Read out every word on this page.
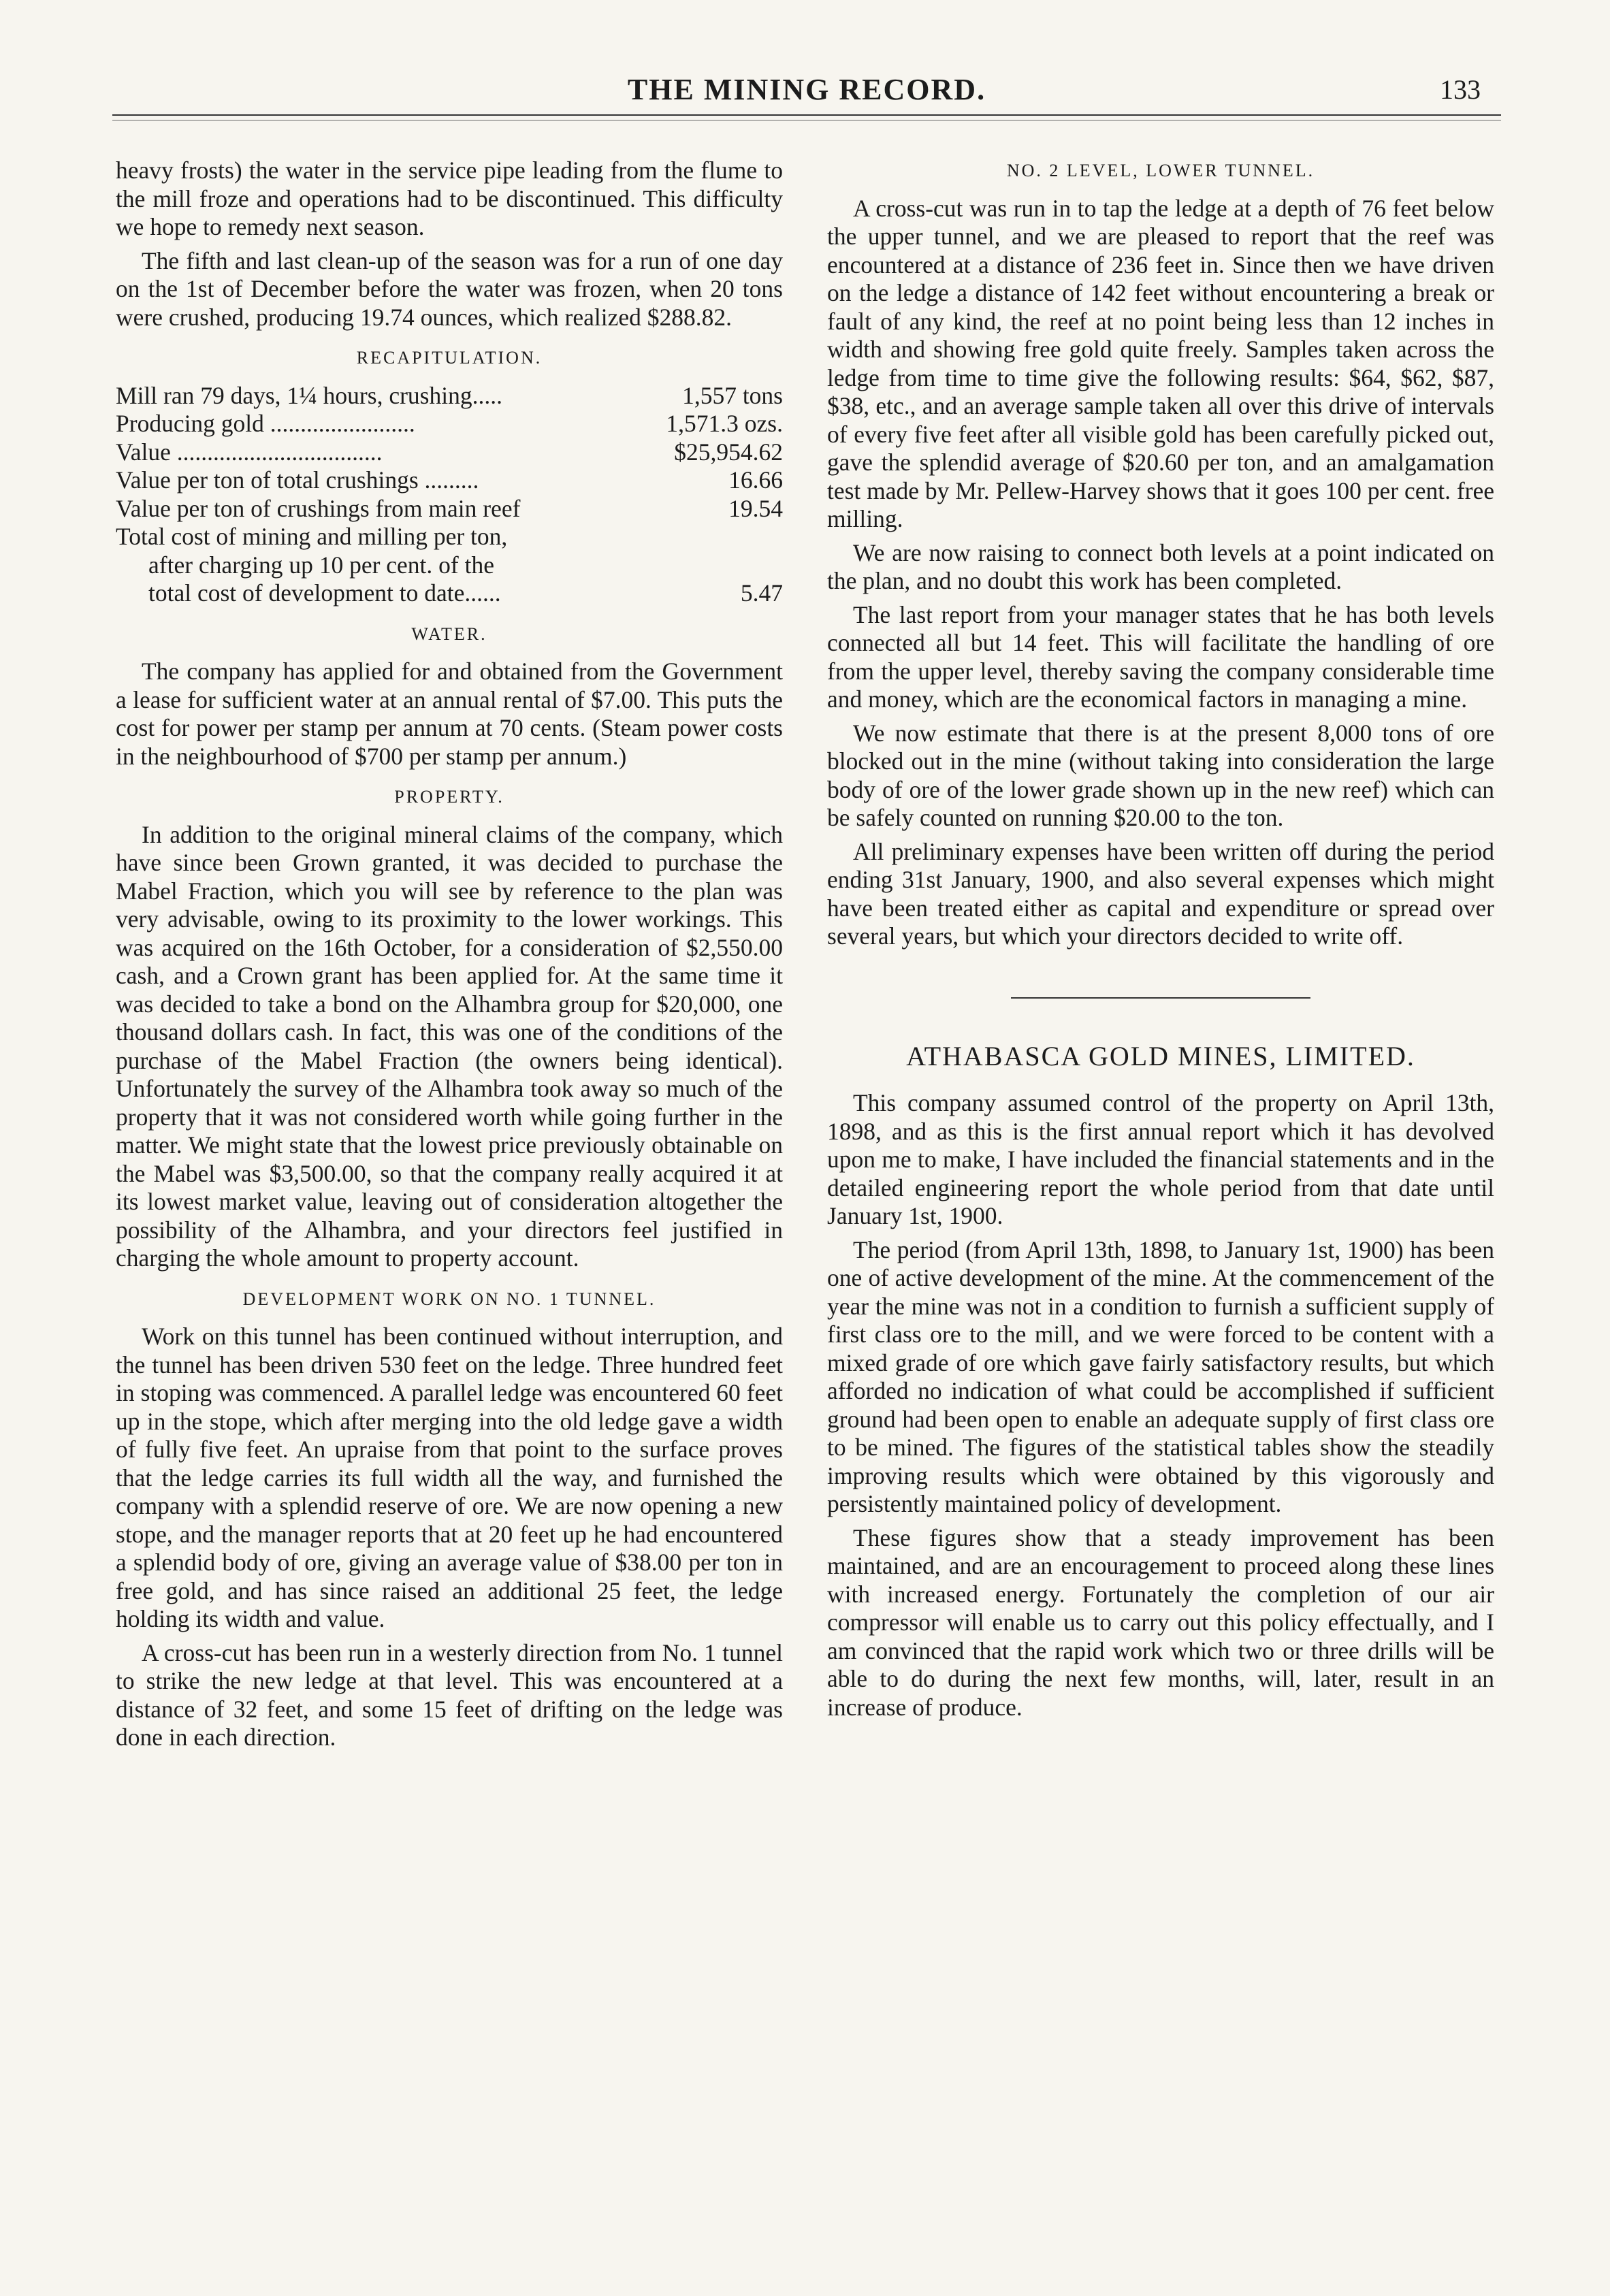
THE MINING RECORD.	133

heavy frosts) the water in the service pipe leading from the flume to the mill froze and operations had to be discontinued. This difficulty we hope to remedy next season.

The fifth and last clean-up of the season was for a run of one day on the 1st of December before the water was frozen, when 20 tons were crushed, producing 19.74 ounces, which realized $288.82.

RECAPITULATION.
Mill ran 79 days, 1¼ hours, crushing.....	1,557 tons
Producing gold ........................	1,571.3 ozs.
Value ..................................	$25,954.62
Value per ton of total crushings .........	16.66
Value per ton of crushings from main reef	19.54
Total cost of mining and milling per ton,	
after charging up 10 per cent. of the	
total cost of development to date......	5.47
WATER.

The company has applied for and obtained from the Government a lease for sufficient water at an annual rental of $7.00. This puts the cost for power per stamp per annum at 70 cents. (Steam power costs in the neighbourhood of $700 per stamp per annum.)

PROPERTY.

In addition to the original mineral claims of the company, which have since been Grown granted, it was decided to purchase the Mabel Fraction, which you will see by reference to the plan was very advisable, owing to its proximity to the lower workings. This was acquired on the 16th October, for a consideration of $2,550.00 cash, and a Crown grant has been applied for. At the same time it was decided to take a bond on the Alhambra group for $20,000, one thousand dollars cash. In fact, this was one of the conditions of the purchase of the Mabel Fraction (the owners being identical). Unfortunately the survey of the Alhambra took away so much of the property that it was not considered worth while going further in the matter. We might state that the lowest price previously obtainable on the Mabel was $3,500.00, so that the company really acquired it at its lowest market value, leaving out of consideration altogether the possibility of the Alhambra, and your directors feel justified in charging the whole amount to property account.

DEVELOPMENT WORK ON NO. 1 TUNNEL.

Work on this tunnel has been continued without interruption, and the tunnel has been driven 530 feet on the ledge. Three hundred feet in stoping was commenced. A parallel ledge was encountered 60 feet up in the stope, which after merging into the old ledge gave a width of fully five feet. An upraise from that point to the surface proves that the ledge carries its full width all the way, and furnished the company with a splendid reserve of ore. We are now opening a new stope, and the manager reports that at 20 feet up he had encountered a splendid body of ore, giving an average value of $38.00 per ton in free gold, and has since raised an additional 25 feet, the ledge holding its width and value.

A cross-cut has been run in a westerly direction from No. 1 tunnel to strike the new ledge at that level. This was encountered at a distance of 32 feet, and some 15 feet of drifting on the ledge was done in each direction.

NO. 2 LEVEL, LOWER TUNNEL.

A cross-cut was run in to tap the ledge at a depth of 76 feet below the upper tunnel, and we are pleased to report that the reef was encountered at a distance of 236 feet in. Since then we have driven on the ledge a distance of 142 feet without encountering a break or fault of any kind, the reef at no point being less than 12 inches in width and showing free gold quite freely. Samples taken across the ledge from time to time give the following results: $64, $62, $87, $38, etc., and an average sample taken all over this drive of intervals of every five feet after all visible gold has been carefully picked out, gave the splendid average of $20.60 per ton, and an amalgamation test made by Mr. Pellew-Harvey shows that it goes 100 per cent. free milling.

We are now raising to connect both levels at a point indicated on the plan, and no doubt this work has been completed.

The last report from your manager states that he has both levels connected all but 14 feet. This will facilitate the handling of ore from the upper level, thereby saving the company considerable time and money, which are the economical factors in managing a mine.

We now estimate that there is at the present 8,000 tons of ore blocked out in the mine (without taking into consideration the large body of ore of the lower grade shown up in the new reef) which can be safely counted on running $20.00 to the ton.

All preliminary expenses have been written off during the period ending 31st January, 1900, and also several expenses which might have been treated either as capital and expenditure or spread over several years, but which your directors decided to write off.

ATHABASCA GOLD MINES, LIMITED.

This company assumed control of the property on April 13th, 1898, and as this is the first annual report which it has devolved upon me to make, I have included the financial statements and in the detailed engineering report the whole period from that date until January 1st, 1900.

The period (from April 13th, 1898, to January 1st, 1900) has been one of active development of the mine. At the commencement of the year the mine was not in a condition to furnish a sufficient supply of first class ore to the mill, and we were forced to be content with a mixed grade of ore which gave fairly satisfactory results, but which afforded no indication of what could be accomplished if sufficient ground had been open to enable an adequate supply of first class ore to be mined. The figures of the statistical tables show the steadily improving results which were obtained by this vigorously and persistently maintained policy of development.

These figures show that a steady improvement has been maintained, and are an encouragement to proceed along these lines with increased energy. Fortunately the completion of our air compressor will enable us to carry out this policy effectually, and I am convinced that the rapid work which two or three drills will be able to do during the next few months, will, later, result in an increase of produce.
